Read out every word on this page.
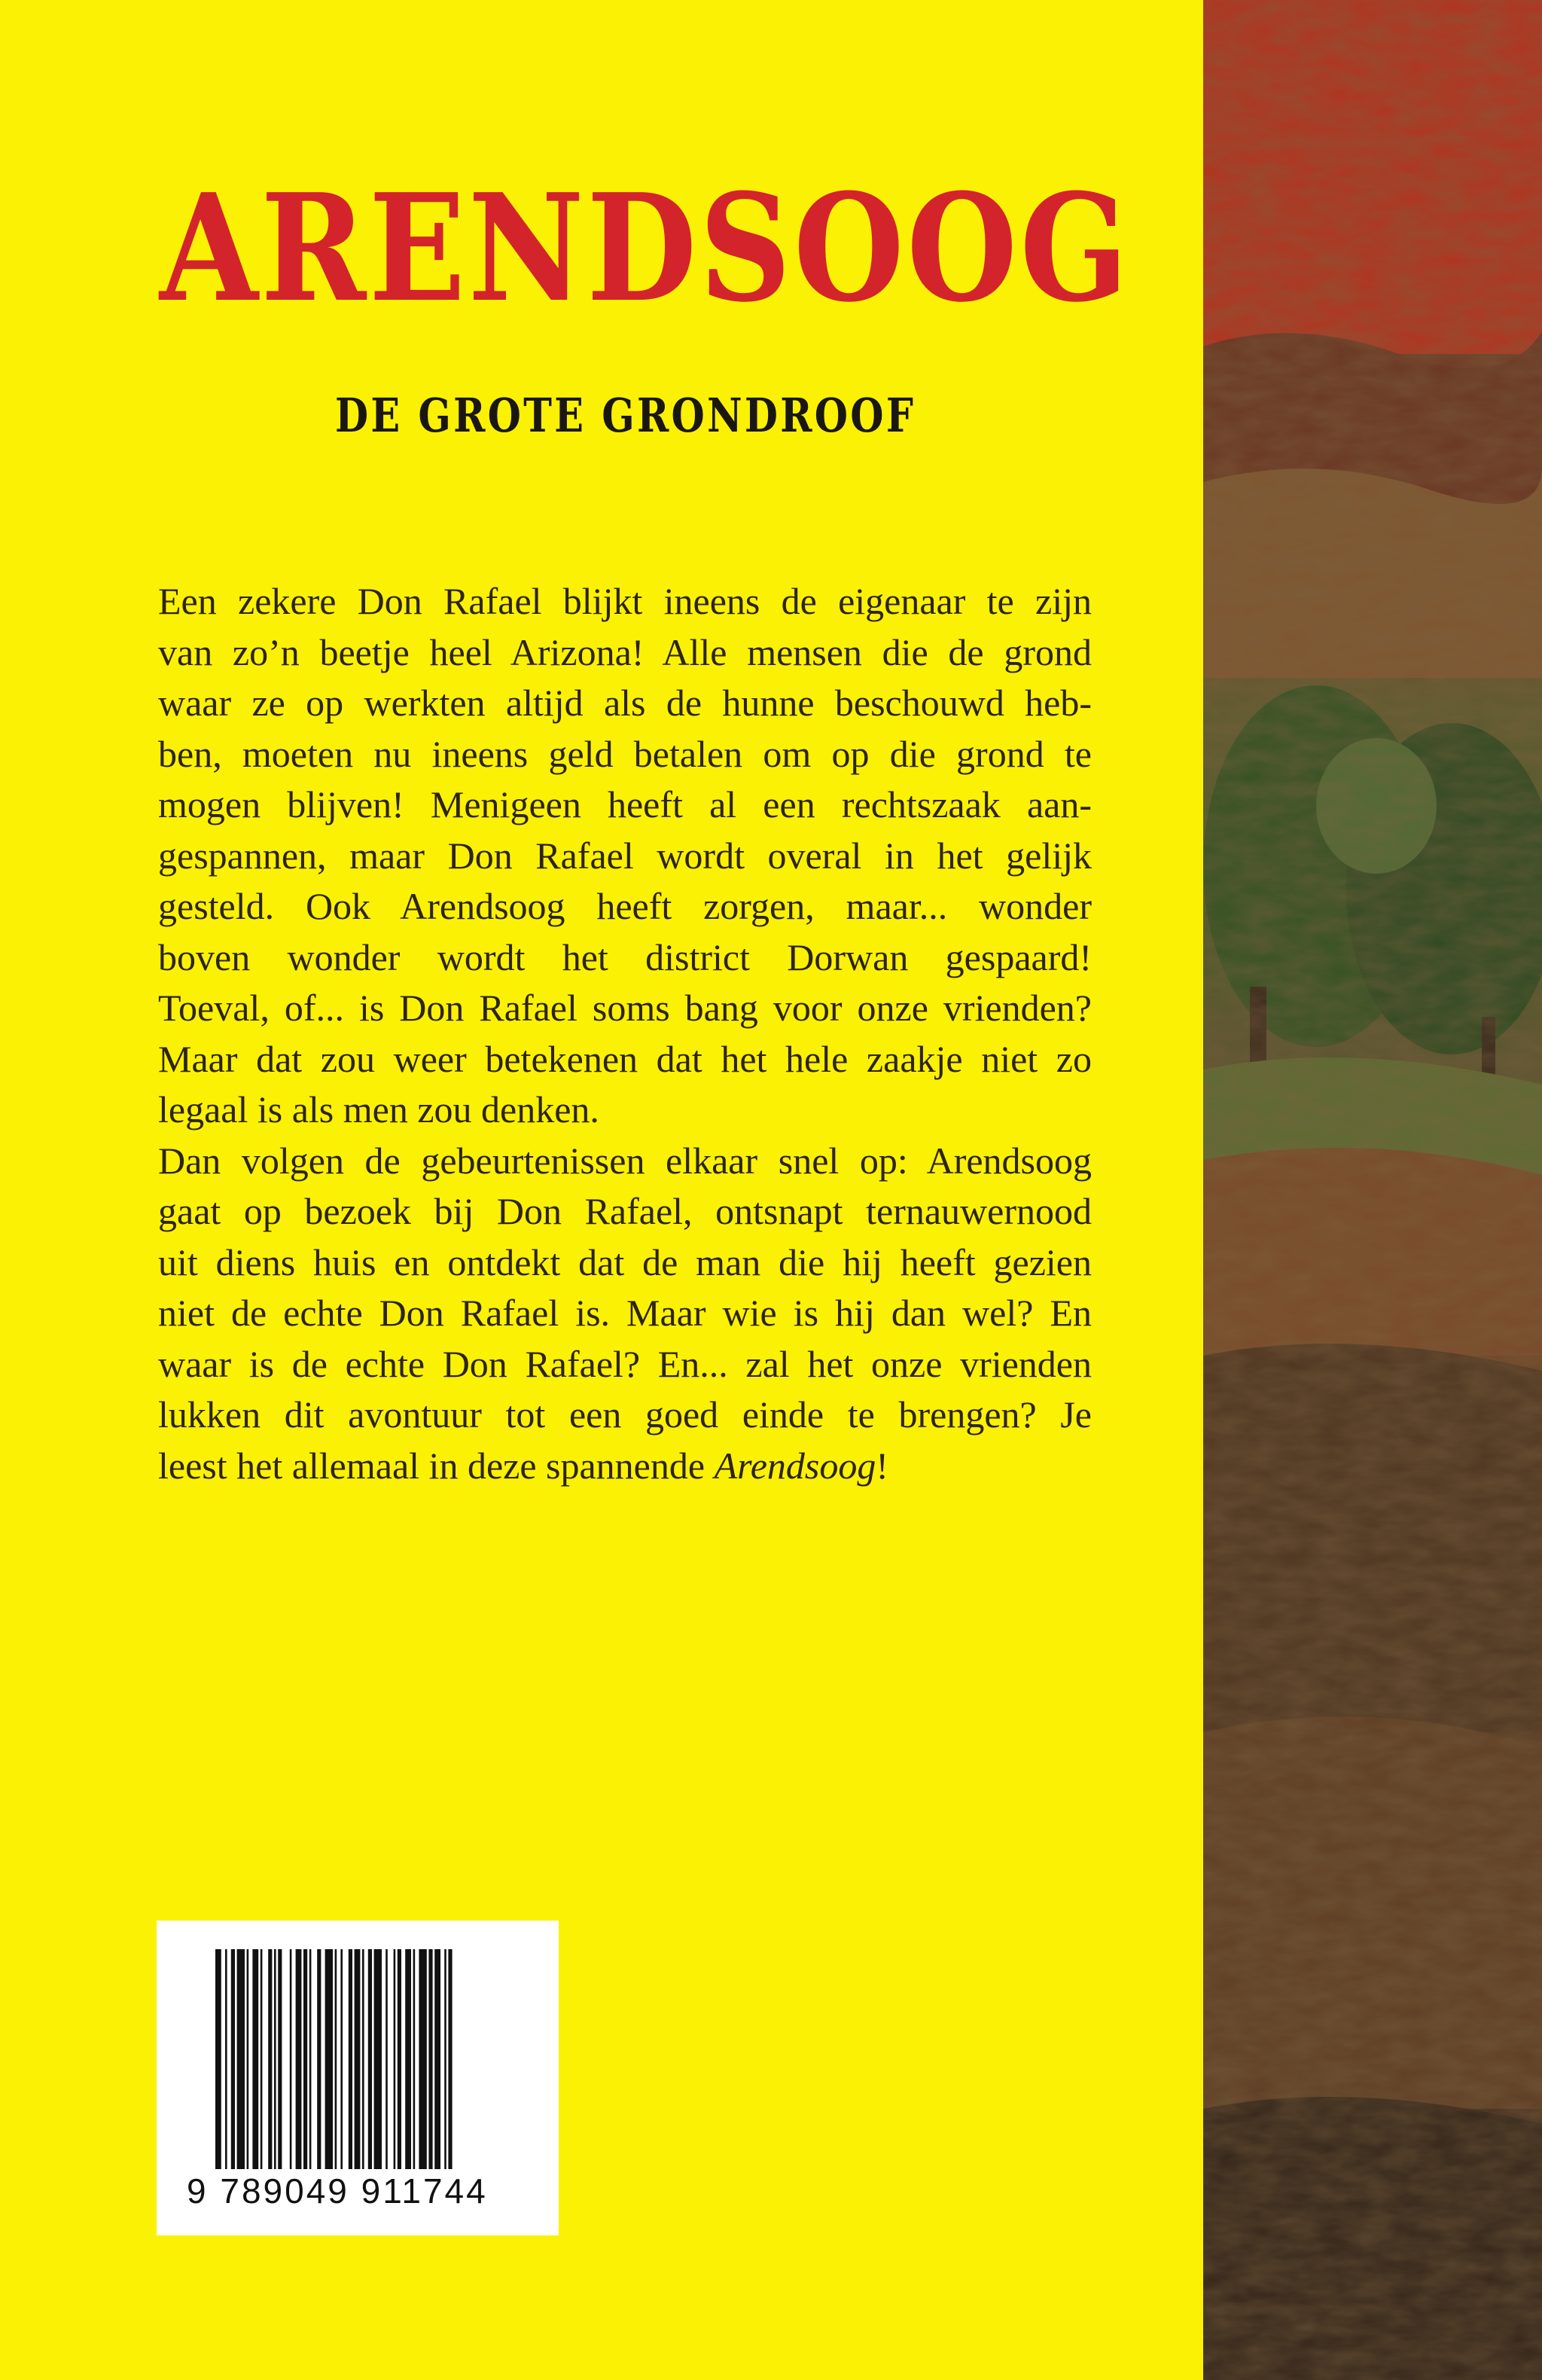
ARENDSOOG
DE GROTE GRONDROOF
Een zekere Don Rafael blijkt ineens de eigenaar te zijn
van zo’n beetje heel Arizona! Alle mensen die de grond
waar ze op werkten altijd als de hunne beschouwd heb-
ben, moeten nu ineens geld betalen om op die grond te
mogen blijven! Menigeen heeft al een rechtszaak aan-
gespannen, maar Don Rafael wordt overal in het gelijk
gesteld. Ook Arendsoog heeft zorgen, maar... wonder
boven wonder wordt het district Dorwan gespaard!
Toeval, of... is Don Rafael soms bang voor onze vrienden?
Maar dat zou weer betekenen dat het hele zaakje niet zo
legaal is als men zou denken.
Dan volgen de gebeurtenissen elkaar snel op: Arendsoog
gaat op bezoek bij Don Rafael, ontsnapt ternauwernood
uit diens huis en ontdekt dat de man die hij heeft gezien
niet de echte Don Rafael is. Maar wie is hij dan wel? En
waar is de echte Don Rafael? En... zal het onze vrienden
lukken dit avontuur tot een goed einde te brengen? Je
leest het allemaal in deze spannende Arendsoog!
9 789049 911744
